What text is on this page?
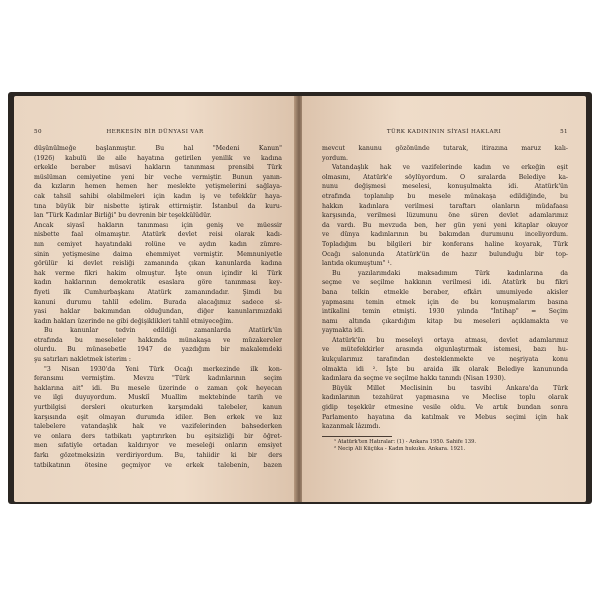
50	HERKESİN BİR DÜNYASI VAR
düşünülmeğe başlanmıştır. Bu hal "Medeni Kanun"
(1926) kabulü ile aile hayatına getirilen yenilik ve kadına
erkekle beraber müsavi hakların tanınması prensibi Türk
müslüman cemiyetine yeni bir veche vermiştir. Bunun yanın-
da kızların hemen hemen her meslekte yetişmelerini sağlaya-
cak tahsil sahibi olabilmeleri için kadın iş ve tefekkür haya-
tına büyük bir nisbette iştirak ettirmiştir. İstanbul da kuru-
lan "Türk Kadınlar Birliği" bu devrenin bir teşekkülüdür.
Ancak siyasî hakların tanınması için geniş ve müessir
nisbette faal olmamıştır. Atatürk devlet reisi olarak kadı-
nın cemiyet hayatındaki rolüne ve aydın kadın zümre-
sinin yetişmesine daima ehemmiyet vermiştir. Memnuniyetle
görülür ki devlet reisliği zamanında çıkan kanunlarda kadına
hak verme fikri hakim olmuştur. İşte onun içindir ki Türk
kadın haklarının demokratik esaslara göre tanınması key-
fiyeti ilk Cumhurbaşkanı Atatürk zamanındadır. Şimdi bu
kanuni durumu tahlil edelim. Burada alacağımız sadece si-
yasi haklar bakımından olduğundan, diğer kanunlarımızdaki
kadın hakları üzerinde ne gibi değişiklikleri tahlil etmiyeceğim.
Bu kanunlar tedvin edildiği zamanlarda Atatürk'ün
etrafında bu meseleler hakkında münakaşa ve müzakereler
olurdu. Bu münasebetle 1947 de yazdığım bir makalemdeki
şu satırları nakletmek isterim :
"3 Nisan 1930'da Yeni Türk Ocağı merkezinde ilk kon-
feransımı vermiştim. Mevzu "Türk kadınlarının seçim
haklarına ait" idi. Bu mesele üzerinde o zaman çok heyecan
ve ilgi duyuyordum. Muskiî Muallim mektebinde tarih ve
yurtbilgisi dersleri okuturken karşımdaki talebeler, kanun
karşısında eşit olmayan durumda idiler. Ben erkek ve kız
talebelere vatandaşlık hak ve vazifelerinden bahsederken
ve onlara ders tatbikatı yaptırırken bu eşitsizliği bir öğret-
men sıfatiyle ortadan kaldırıyor ve meseleği onların emsiyet
farkı gözetmeksizin verdiriyordum. Bu, tahiidir ki bir ders
tatbikatının ötesine geçmiyor ve erkek talebenin, bazen
TÜRK KADINININ SİYASİ HAKLARI	51
mevcut kanunu gözönünde tutarak, itirazına maruz kalı-
yordum.
Vatandaşlık hak ve vazifelerinde kadın ve erkeğin eşit
olmasını, Atatürk'e söylüyordum. O sıralarda Belediye ka-
nunu değişmesi meselesi, konuşulmakta idi. Atatürk'ün
etrafında toplanılıp bu mesele münakaşa edildiğinde, bu
hakkın kadınlara verilmesi taraftarı olanların müdafaası
karşısında, verilmesi lüzumunu öne süren devlet adamlarımız
da vardı. Bu mevzuda ben, her gün yeni yeni kitaplar okuyor
ve dünya kadınlarının bu bakımdan durumunu inceliyordum.
Topladığım bu bilgileri bir konferans haline koyarak, Türk
Ocağı salonunda Atatürk'ün de hazır bulunduğu bir top-
lantıda okumuştum" ¹.
Bu yazılarımdaki maksadımım Türk kadınlarına da
seçme ve seçilme hakkının verilmesi idi. Atatürk bu fikri
bana telkin etmekle beraber, efkârı umumiyede akisler
yapmasını temin etmek için de bu konuşmalarım basına
intikalini temin etmişti. 1930 yılında "İntihap" = Seçim
namı altında çıkardığım kitap bu meseleri açıklamakta ve
yaymakta idi.
Atatürk'ün bu meseleyi ortaya atması, devlet adamlarımız
ve mütefekkirler arasında olgunlaştırmak istemesi, bazı hu-
kukçularımız tarafından desteklenmekte ve neşriyata konu
olmakta idi ². İşte bu araida ilk olarak Belediye kanununda
kadınlara da seçme ve seçilme hakkı tanındı (Nisan 1930).
Büyük Millet Meclisinin bu tasvibi Ankara'da Türk
kadınlarının tezahürat yapmasına ve Meclise toplu olarak
gidip teşekkür etmesine vesile oldu. Ve artık bundan sonra
Parlamento hayatına da katılmak ve Mebus seçimi için hak
kazanmak lâzımdı.
¹ Atatürk'ten Hatıralar: (1) - Ankara 1950. Sahife 139.
² Necip Ali Küçüka - Kadın hukuku. Ankara. 1921.
